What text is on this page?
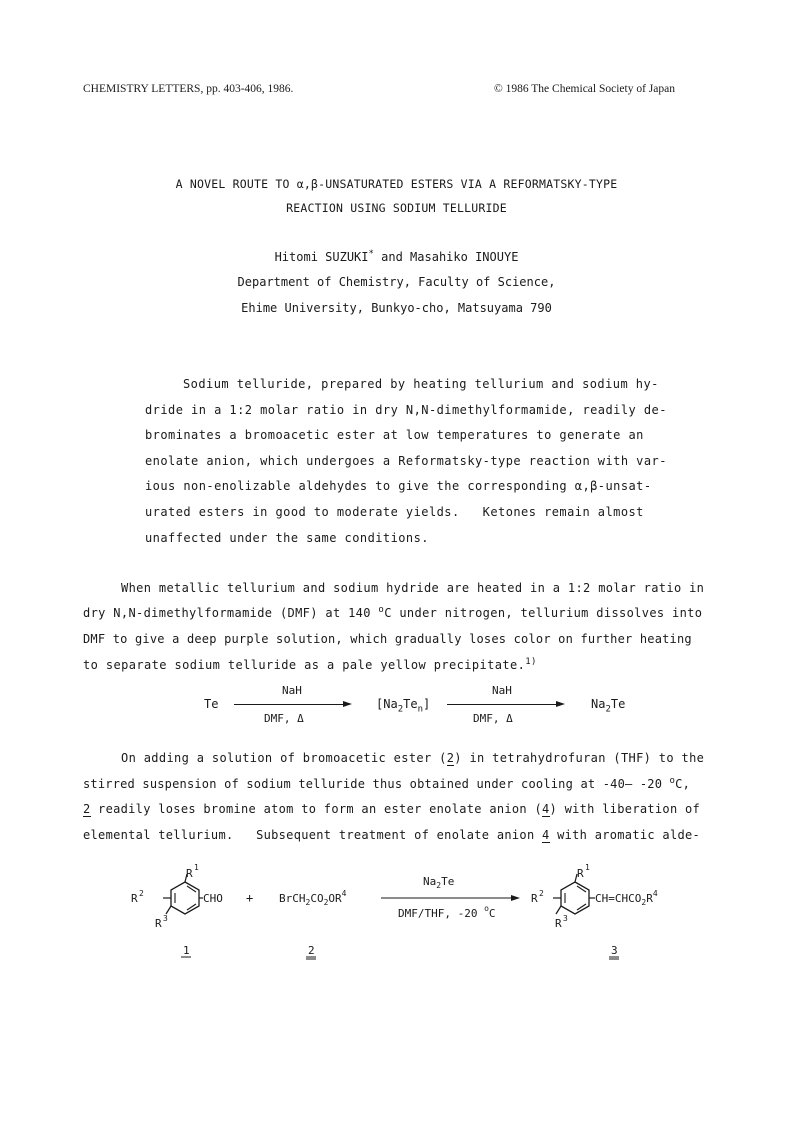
CHEMISTRY LETTERS, pp. 403-406, 1986.	© 1986 The Chemical Society of Japan
A NOVEL ROUTE TO α,β-UNSATURATED ESTERS VIA A REFORMATSKY-TYPE
REACTION USING SODIUM TELLURIDE
Hitomi SUZUKI* and Masahiko INOUYE
Department of Chemistry, Faculty of Science,
Ehime University, Bunkyo-cho, Matsuyama 790
Sodium telluride, prepared by heating tellurium and sodium hy-
dride in a 1:2 molar ratio in dry N,N-dimethylformamide, readily de-
brominates a bromoacetic ester at low temperatures to generate an
enolate anion, which undergoes a Reformatsky-type reaction with var-
ious non-enolizable aldehydes to give the corresponding α,β-unsat-
urated esters in good to moderate yields.   Ketones remain almost
unaffected under the same conditions.
When metallic tellurium and sodium hydride are heated in a 1:2 molar ratio in
dry N,N-dimethylformamide (DMF) at 140 $^o$C under nitrogen, tellurium dissolves into
DMF to give a deep purple solution, which gradually loses color on further heating
to separate sodium telluride as a pale yellow precipitate.$^{1)}$
Te
NaH
DMF, Δ
$[Na_2Te_n]$
NaH
DMF, Δ
$Na_2Te$
On adding a solution of bromoacetic ester (2) in tetrahydrofuran (THF) to the
stirred suspension of sodium telluride thus obtained under cooling at -40— -20 $^o$C,
2 readily loses bromine atom to form an ester enolate anion (4) with liberation of
elemental tellurium.   Subsequent treatment of enolate anion 4 with aromatic alde-
R 1
R 2
R 3
CHO + $BrCH_2CO_2OR^4$
$Na_2Te$
DMF/THF, -20 $^o$C
R 1
R 2
R 3
$CH=CHCO_2R^4$
1	2	3
